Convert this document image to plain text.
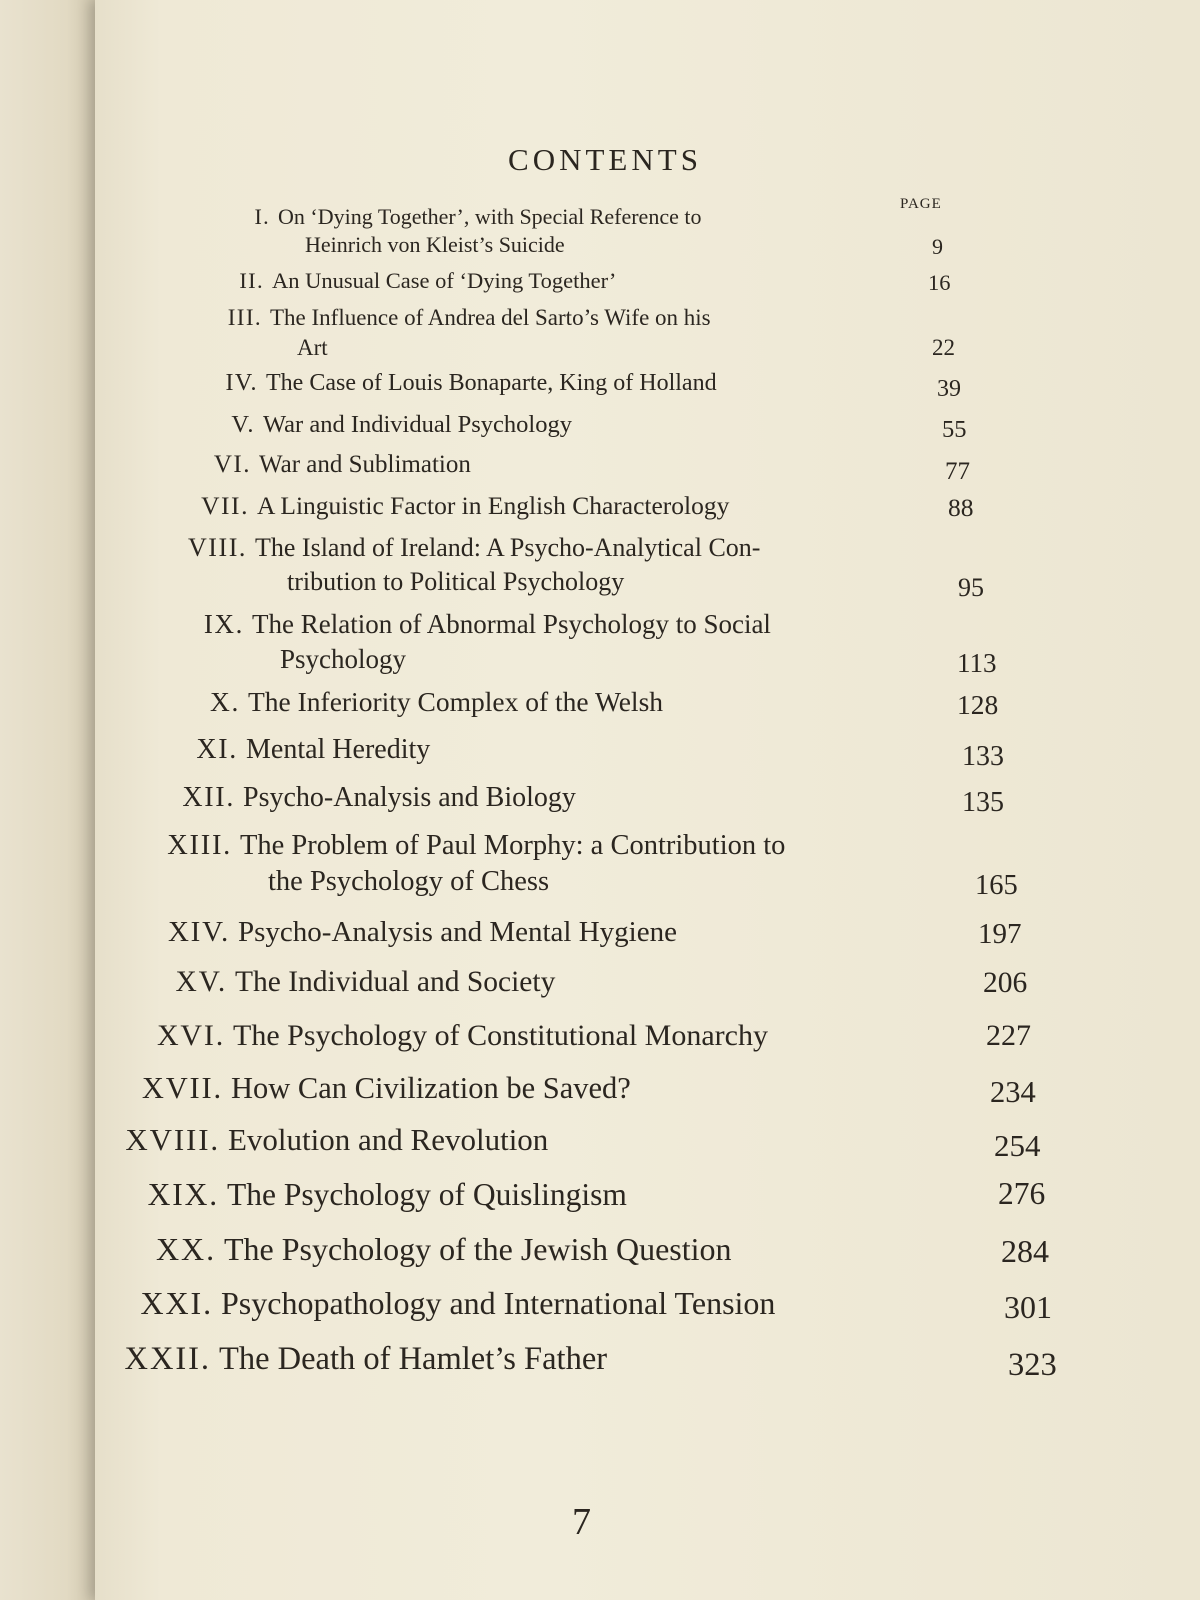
CONTENTS
PAGE
I. On ‘Dying Together’, with Special Reference to
Heinrich von Kleist’s Suicide	9
II. An Unusual Case of ‘Dying Together’	16
III. The Influence of Andrea del Sarto’s Wife on his
Art	22
IV. The Case of Louis Bonaparte, King of Holland	39
V. War and Individual Psychology	55
VI. War and Sublimation	77
VII. A Linguistic Factor in English Characterology	88
VIII. The Island of Ireland: A Psycho-Analytical Con-
tribution to Political Psychology	95
IX. The Relation of Abnormal Psychology to Social
Psychology	113
X. The Inferiority Complex of the Welsh	128
XI. Mental Heredity	133
XII. Psycho-Analysis and Biology	135
XIII. The Problem of Paul Morphy: a Contribution to
the Psychology of Chess	165
XIV. Psycho-Analysis and Mental Hygiene	197
XV. The Individual and Society	206
XVI. The Psychology of Constitutional Monarchy	227
XVII. How Can Civilization be Saved?	234
XVIII. Evolution and Revolution	254
XIX. The Psychology of Quislingism	276
XX. The Psychology of the Jewish Question	284
XXI. Psychopathology and International Tension	301
XXII. The Death of Hamlet’s Father	323
7
